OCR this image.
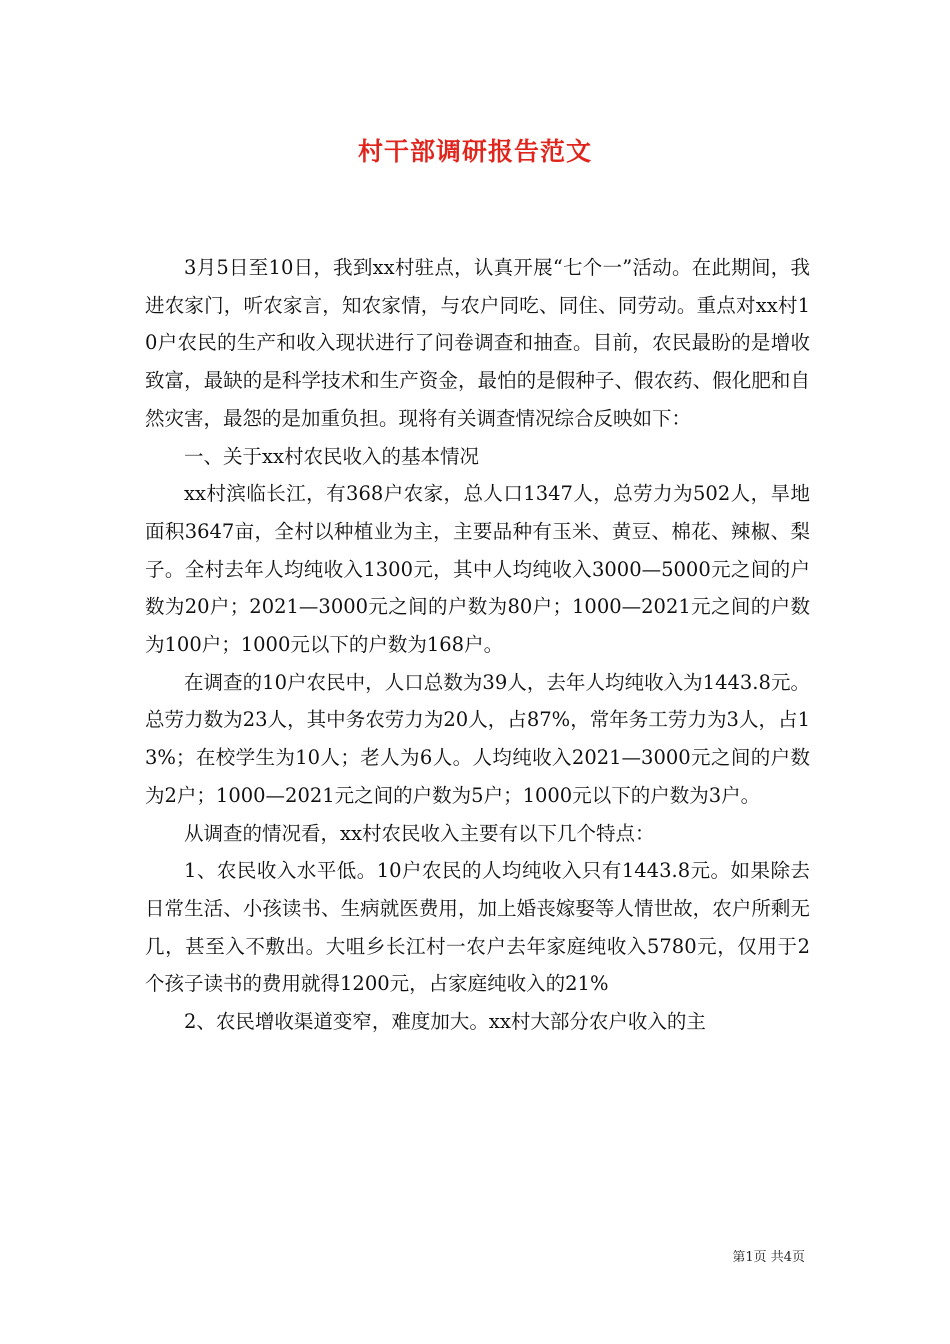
村干部调研报告范文

3月5日至10日，我到xx村驻点，认真开展“七个一”活动。在此期间，我进农家门，听农家言，知农家情，与农户同吃、同住、同劳动。重点对xx村10户农民的生产和收入现状进行了问卷调查和抽查。目前，农民最盼的是增收致富，最缺的是科学技术和生产资金，最怕的是假种子、假农药、假化肥和自然灾害，最怨的是加重负担。现将有关调查情况综合反映如下：

一、关于xx村农民收入的基本情况

xx村滨临长江，有368户农家，总人口1347人，总劳力为502人，旱地面积3647亩，全村以种植业为主，主要品种有玉米、黄豆、棉花、辣椒、梨子。全村去年人均纯收入1300元，其中人均纯收入3000—5000元之间的户数为20户；2021—3000元之间的户数为80户；1000—2021元之间的户数为100户；1000元以下的户数为168户。

在调查的10户农民中，人口总数为39人，去年人均纯收入为1443.8元。总劳力数为23人，其中务农劳力为20人，占87%，常年务工劳力为3人，占13%；在校学生为10人；老人为6人。人均纯收入2021—3000元之间的户数为2户；1000—2021元之间的户数为5户；1000元以下的户数为3户。

从调查的情况看，xx村农民收入主要有以下几个特点：

1、农民收入水平低。10户农民的人均纯收入只有1443.8元。如果除去日常生活、小孩读书、生病就医费用，加上婚丧嫁娶等人情世故，农户所剩无几，甚至入不敷出。大咀乡长江村一农户去年家庭纯收入5780元，仅用于2个孩子读书的费用就得1200元，占家庭纯收入的21%

2、农民增收渠道变窄，难度加大。xx村大部分农户收入的主

第1页 共4页
